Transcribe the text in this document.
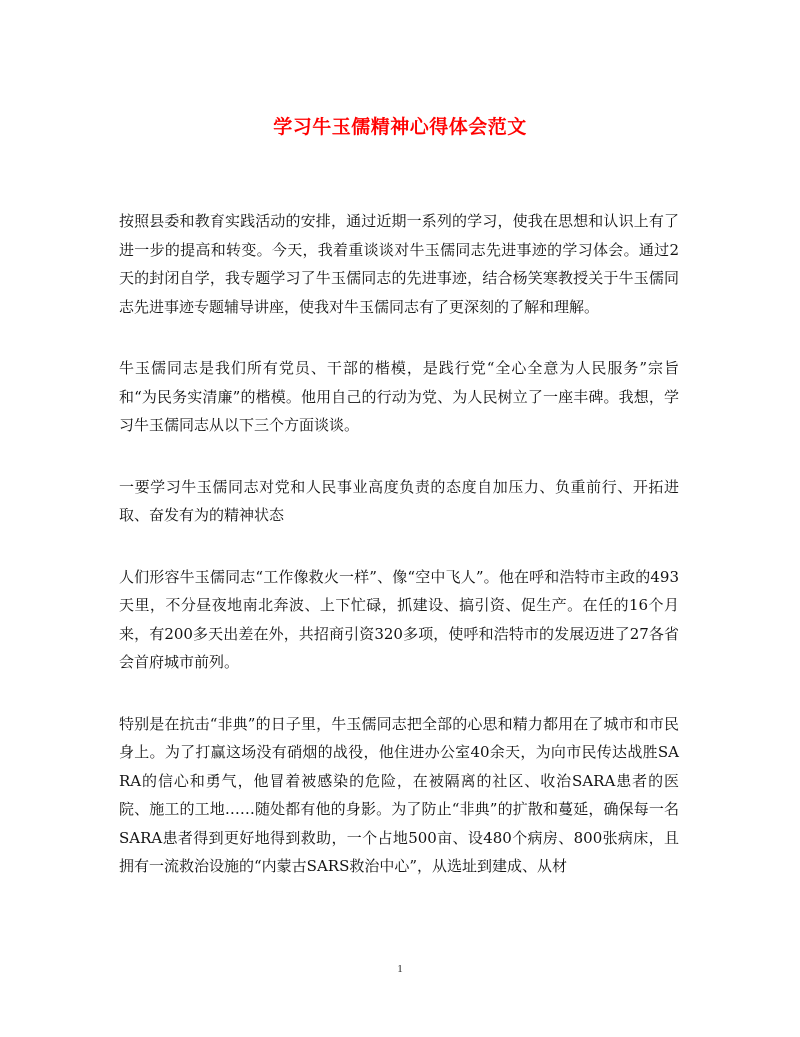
学习牛玉儒精神心得体会范文

按照县委和教育实践活动的安排，通过近期一系列的学习，使我在思想和认识上有了进一步的提高和转变。今天，我着重谈谈对牛玉儒同志先进事迹的学习体会。通过2天的封闭自学，我专题学习了牛玉儒同志的先进事迹，结合杨笑寒教授关于牛玉儒同志先进事迹专题辅导讲座，使我对牛玉儒同志有了更深刻的了解和理解。

牛玉儒同志是我们所有党员、干部的楷模，是践行党“全心全意为人民服务”宗旨和“为民务实清廉”的楷模。他用自己的行动为党、为人民树立了一座丰碑。我想，学习牛玉儒同志从以下三个方面谈谈。

一要学习牛玉儒同志对党和人民事业高度负责的态度自加压力、负重前行、开拓进取、奋发有为的精神状态

人们形容牛玉儒同志“工作像救火一样”、像“空中飞人”。他在呼和浩特市主政的493天里，不分昼夜地南北奔波、上下忙碌，抓建设、搞引资、促生产。在任的16个月来，有200多天出差在外，共招商引资320多项，使呼和浩特市的发展迈进了27各省会首府城市前列。

特别是在抗击“非典”的日子里，牛玉儒同志把全部的心思和精力都用在了城市和市民身上。为了打赢这场没有硝烟的战役，他住进办公室40余天，为向市民传达战胜SARA的信心和勇气，他冒着被感染的危险，在被隔离的社区、收治SARA患者的医院、施工的工地……随处都有他的身影。为了防止“非典”的扩散和蔓延，确保每一名SARA患者得到更好地得到救助，一个占地500亩、设480个病房、800张病床，且拥有一流救治设施的“内蒙古SARS救治中心”，从选址到建成、从材

1
